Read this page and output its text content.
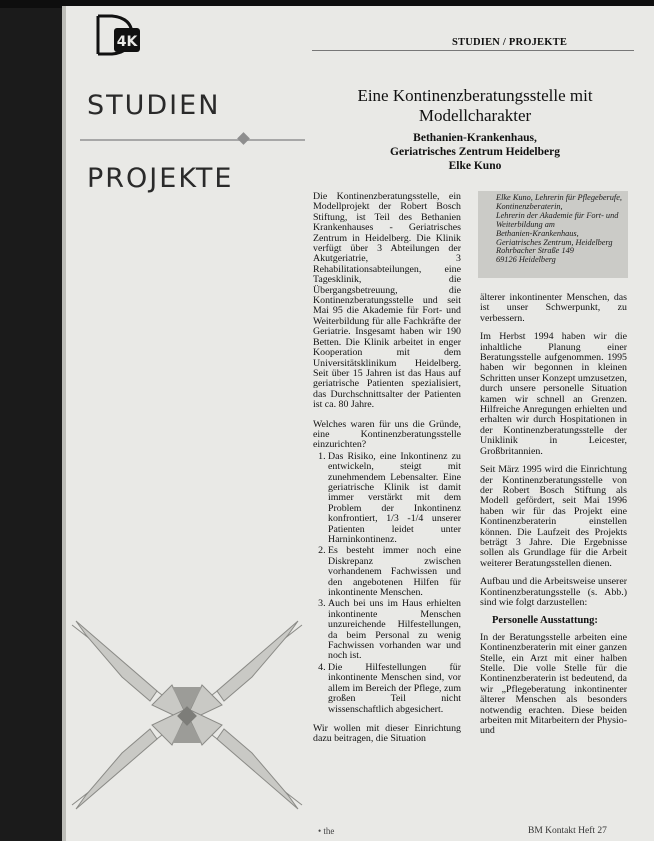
4K	STUDIEN / PROJEKTE
STUDIEN
PROJEKTE
Eine Kontinenzberatungsstelle mit
Modellcharakter
Bethanien-Krankenhaus,
Geriatrisches Zentrum Heidelberg
Elke Kuno

Die Kontinenzberatungsstelle, ein Modellprojekt der Robert Bosch Stiftung, ist Teil des Bethanien Krankenhauses - Geriatrisches Zentrum in Heidelberg. Die Klinik verfügt über 3 Abteilungen der Akutgeriatrie, 3 Rehabilitationsabteilungen, eine Tagesklinik, die Übergangsbetreuung, die Kontinenzberatungsstelle und seit Mai 95 die Akademie für Fort- und Weiterbildung für alle Fachkräfte der Geriatrie. Insgesamt haben wir 190 Betten. Die Klinik arbeitet in enger Kooperation mit dem Universitätsklinikum Heidelberg. Seit über 15 Jahren ist das Haus auf geriatrische Patienten spezialisiert, das Durchschnittsalter der Patienten ist ca. 80 Jahre.

Welches waren für uns die Gründe, eine Kontinenzberatungsstelle einzurichten?

1. Das Risiko, eine Inkontinenz zu entwickeln, steigt mit zunehmendem Lebensalter. Eine geriatrische Klinik ist damit immer verstärkt mit dem Problem der Inkontinenz konfrontiert, 1/3 -1/4 unserer Patienten leidet unter Harninkontinenz.
2. Es besteht immer noch eine Diskrepanz zwischen vorhandenem Fachwissen und den angebotenen Hilfen für inkontinente Menschen.
3. Auch bei uns im Haus erhielten inkontinente Menschen unzureichende Hilfestellungen, da beim Personal zu wenig Fachwissen vorhanden war und noch ist.
4. Die Hilfestellungen für inkontinente Menschen sind, vor allem im Bereich der Pflege, zum großen Teil nicht wissenschaftlich abgesichert.

Wir wollen mit dieser Einrichtung dazu beitragen, die Situation

Elke Kuno, Lehrerin für Pflegeberufe, Kontinenzberaterin,
Lehrerin der Akademie für Fort- und Weiterbildung am
Bethanien-Krankenhaus, Geriatrisches Zentrum, Heidelberg
Rohrbacher Straße 149
69126 Heidelberg

älterer inkontinenter Menschen, das ist unser Schwerpunkt, zu verbessern.

Im Herbst 1994 haben wir die inhaltliche Planung einer Beratungsstelle aufgenommen. 1995 haben wir begonnen in kleinen Schritten unser Konzept umzusetzen, durch unsere personelle Situation kamen wir schnell an Grenzen. Hilfreiche Anregungen erhielten und erhalten wir durch Hospitationen in der Kontinenzberatungsstelle der Uniklinik in Leicester, Großbritannien.

Seit März 1995 wird die Einrichtung der Kontinenzberatungsstelle von der Robert Bosch Stiftung als Modell gefördert, seit Mai 1996 haben wir für das Projekt eine Kontinenzberaterin einstellen können. Die Laufzeit des Projekts beträgt 3 Jahre. Die Ergebnisse sollen als Grundlage für die Arbeit weiterer Beratungsstellen dienen.

Aufbau und die Arbeitsweise unserer Kontinenzberatungsstelle (s. Abb.) sind wie folgt darzustellen:

Personelle Ausstattung:

In der Beratungsstelle arbeiten eine Kontinenzberaterin mit einer ganzen Stelle, ein Arzt mit einer halben Stelle. Die volle Stelle für die Kontinenzberaterin ist bedeutend, da wir „Pflegeberatung inkontinenter älterer Menschen als besonders notwendig erachten. Diese beiden arbeiten mit Mitarbeitern der Physio- und

• the	BM Kontakt Heft 27
